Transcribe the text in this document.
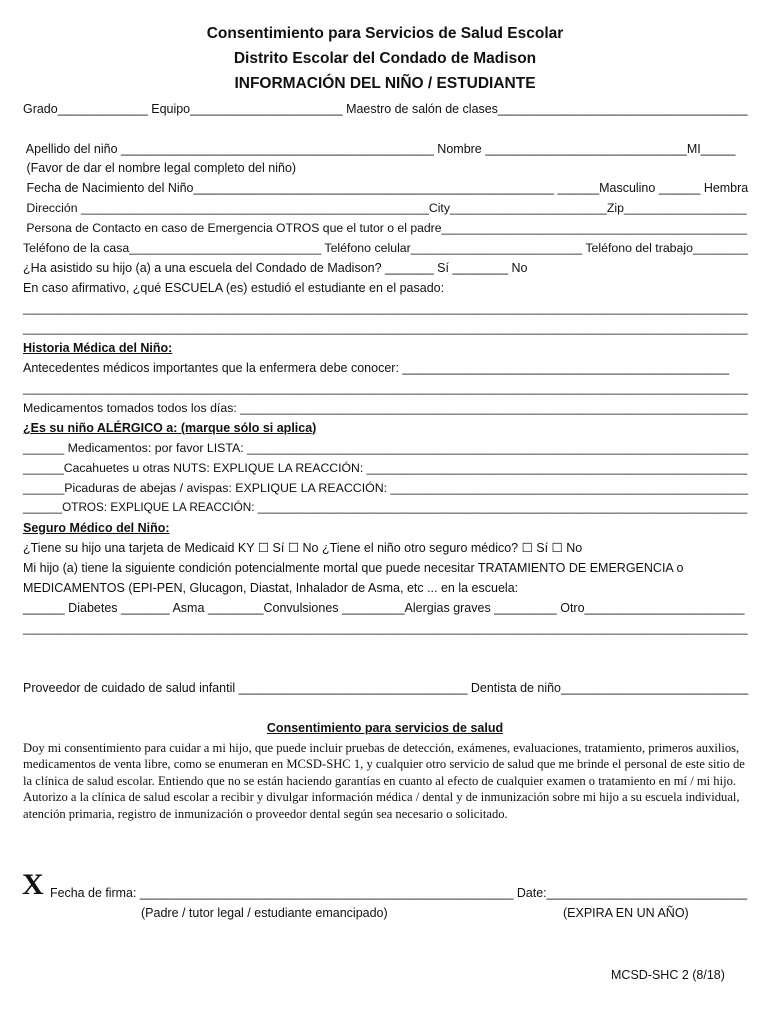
Consentimiento para Servicios de Salud Escolar
Distrito Escolar del Condado de Madison
INFORMACIÓN DEL NIÑO / ESTUDIANTE
Grado_____________ Equipo______________________ Maestro de salón de clases____________________________________
Apellido del niño _____________________________________________ Nombre _____________________________MI_____
(Favor de dar el nombre legal completo del niño)
Fecha de Nacimiento del Niño____________________________________________________ ______Masculino ______ Hembra
Dirección ___________________________________________________City_______________________Zip__________________
Persona de Contacto en caso de Emergencia OTROS que el tutor o el padre_____________________________________________
Teléfono de la casa____________________________ Teléfono celular_________________________ Teléfono del trabajo________
¿Ha asistido su hijo (a) a una escuela del Condado de Madison? _______ Sí ________ No
En caso afirmativo, ¿qué ESCUELA (es) estudió el estudiante en el pasado:
____________________________________________________________________________________________________________
____________________________________________________________________________________________________________
Historia Médica del Niño:
Antecedentes médicos importantes que la enfermera debe conocer: _______________________________________________
__________________________________________________________________________________________________________
Medicamentos tomados todos los días: __________________________________________________________________________
¿Es su niño ALÉRGICO a: (marque sólo si aplica)
______ Medicamentos: por favor LISTA: _________________________________________________________________________
______Cacahuetes u otras NUTS: EXPLIQUE LA REACCIÓN: ________________________________________________________
______Picaduras de abejas / avispas: EXPLIQUE LA REACCIÓN: ____________________________________________________
______OTROS: EXPLIQUE LA REACCIÓN: ___________________________________________________________________________
Seguro Médico del Niño:
¿Tiene su hijo una tarjeta de Medicaid KY ☐ Sí ☐ No ¿Tiene el niño otro seguro médico? ☐ Sí ☐ No
Mi hijo (a) tiene la siguiente condición potencialmente mortal que puede necesitar TRATAMIENTO DE EMERGENCIA o
MEDICAMENTOS (EPI-PEN, Glucagon, Diastat, Inhalador de Asma, etc ... en la escuela:
______ Diabetes _______ Asma ________Convulsiones _________Alergias graves _________ Otro_______________________
____________________________________________________________________________________________________________
Proveedor de cuidado de salud infantil _________________________________ Dentista de niño___________________________
Consentimiento para servicios de salud
Doy mi consentimiento para cuidar a mi hijo, que puede incluir pruebas de detección, exámenes, evaluaciones, tratamiento, primeros auxilios, medicamentos de venta libre, como se enumeran en MCSD-SHC 1, y cualquier otro servicio de salud que me brinde el personal de este sitio de la clínica de salud escolar. Entiendo que no se están haciendo garantías en cuanto al efecto de cualquier examen o tratamiento en mí / mi hijo. Autorizo a la clínica de salud escolar a recibir y divulgar información médica / dental y de inmunización sobre mi hijo a su escuela individual, atención primaria, registro de inmunización o proveedor dental según sea necesario o solicitado.
X Fecha de firma: ______________________________________________________ Date:_____________________________
(Padre / tutor legal / estudiante emancipado)	(EXPIRA EN UN AÑO)
MCSD-SHC 2 (8/18)
